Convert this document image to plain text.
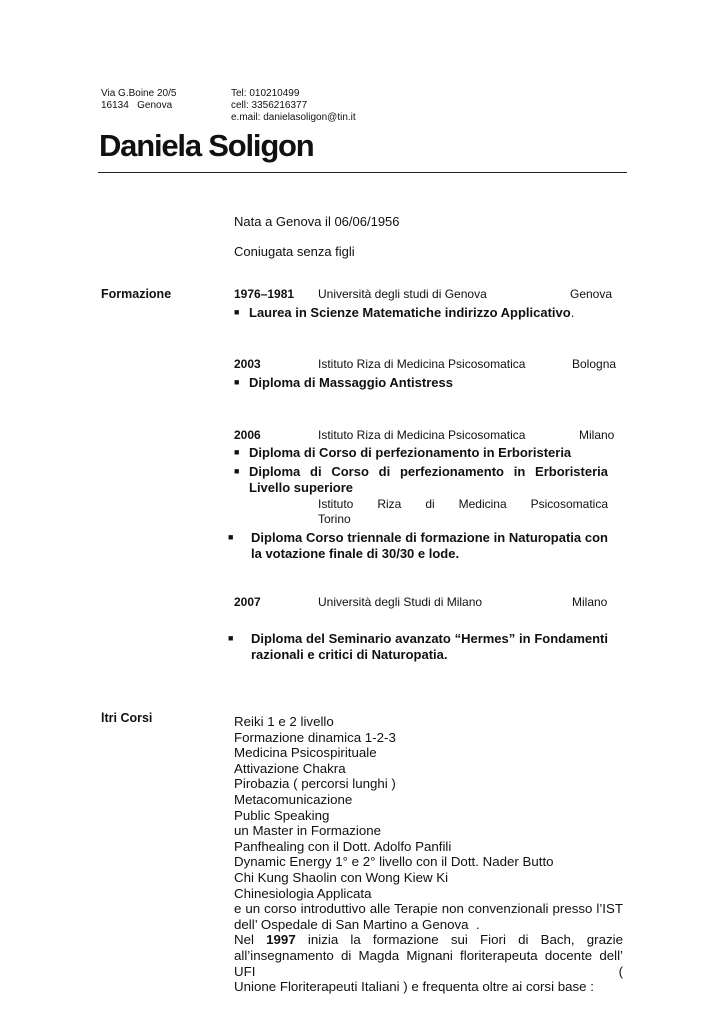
Via G.Boine 20/5
16134   Genova
Tel: 010210499
cell: 3356216377
e.mail: danielasoligon@tin.it
Daniela Soligon
Nata a Genova il 06/06/1956
Coniugata senza figli
Formazione	1976–1981 Università degli studi di Genova	Genova
■ Laurea in Scienze Matematiche indirizzo Applicativo.
2003	Istituto Riza di Medicina Psicosomatica	Bologna
■ Diploma di Massaggio Antistress
2006	Istituto Riza di Medicina Psicosomatica	Milano
■ Diploma di Corso di perfezionamento in Erboristeria
■ Diploma di Corso di perfezionamento in Erboristeria
Livello superiore
Istituto Riza di Medicina Psicosomatica
Torino
■ Diploma Corso triennale di formazione in Naturopatia con
la votazione finale di 30/30 e lode.
2007	Università degli Studi di Milano	Milano
■ Diploma del Seminario avanzato “Hermes” in Fondamenti
razionali e critici di Naturopatia.
ltri Corsi	Reiki 1 e 2 livello
Formazione dinamica 1-2-3
Medicina Psicospirituale
Attivazione Chakra
Pirobazia ( percorsi lunghi )
Metacomunicazione
Public Speaking
un Master in Formazione
Panfhealing con il Dott. Adolfo Panfili
Dynamic Energy 1° e 2° livello con il Dott. Nader Butto
Chi Kung Shaolin con Wong Kiew Ki
Chinesiologia Applicata
e un corso introduttivo alle Terapie non convenzionali presso l’IST
dell’ Ospedale di San Martino a Genova  .
Nel 1997 inizia la formazione sui Fiori di Bach, grazie
all’insegnamento di Magda Mignani floriterapeuta docente dell’ UFI (
Unione Floriterapeuti Italiani ) e frequenta oltre ai corsi base :
